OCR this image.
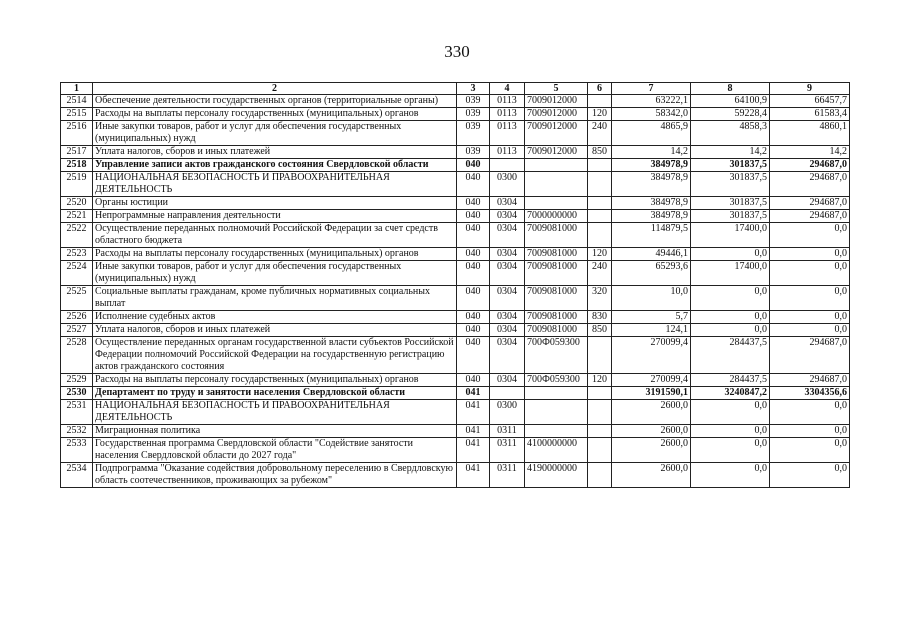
330
1	2	3	4	5	6	7	8	9
2514	Обеспечение деятельности государственных органов (территориальные органы)	039	0113	7009012000		63222,1	64100,9	66457,7
2515	Расходы на выплаты персоналу государственных (муниципальных) органов	039	0113	7009012000	120	58342,0	59228,4	61583,4
2516	Иные закупки товаров, работ и услуг для обеспечения государственных (муниципальных) нужд	039	0113	7009012000	240	4865,9	4858,3	4860,1
2517	Уплата налогов, сборов и иных платежей	039	0113	7009012000	850	14,2	14,2	14,2
2518	Управление записи актов гражданского состояния Свердловской области	040				384978,9	301837,5	294687,0
2519	НАЦИОНАЛЬНАЯ БЕЗОПАСНОСТЬ И ПРАВООХРАНИТЕЛЬНАЯ ДЕЯТЕЛЬНОСТЬ	040	0300			384978,9	301837,5	294687,0
2520	Органы юстиции	040	0304			384978,9	301837,5	294687,0
2521	Непрограммные направления деятельности	040	0304	7000000000		384978,9	301837,5	294687,0
2522	Осуществление переданных полномочий Российской Федерации за счет средств областного бюджета	040	0304	7009081000		114879,5	17400,0	0,0
2523	Расходы на выплаты персоналу государственных (муниципальных) органов	040	0304	7009081000	120	49446,1	0,0	0,0
2524	Иные закупки товаров, работ и услуг для обеспечения государственных (муниципальных) нужд	040	0304	7009081000	240	65293,6	17400,0	0,0
2525	Социальные выплаты гражданам, кроме публичных нормативных социальных выплат	040	0304	7009081000	320	10,0	0,0	0,0
2526	Исполнение судебных актов	040	0304	7009081000	830	5,7	0,0	0,0
2527	Уплата налогов, сборов и иных платежей	040	0304	7009081000	850	124,1	0,0	0,0
2528	Осуществление переданных органам государственной власти субъектов Российской Федерации полномочий Российской Федерации на государственную регистрацию актов гражданского состояния	040	0304	700Ф059300		270099,4	284437,5	294687,0
2529	Расходы на выплаты персоналу государственных (муниципальных) органов	040	0304	700Ф059300	120	270099,4	284437,5	294687,0
2530	Департамент по труду и занятости населения Свердловской области	041				3191590,1	3240847,2	3304356,6
2531	НАЦИОНАЛЬНАЯ БЕЗОПАСНОСТЬ И ПРАВООХРАНИТЕЛЬНАЯ ДЕЯТЕЛЬНОСТЬ	041	0300			2600,0	0,0	0,0
2532	Миграционная политика	041	0311			2600,0	0,0	0,0
2533	Государственная программа Свердловской области "Содействие занятости населения Свердловской области до 2027 года"	041	0311	4100000000		2600,0	0,0	0,0
2534	Подпрограмма "Оказание содействия добровольному переселению в Свердловскую область соотечественников, проживающих за рубежом"	041	0311	4190000000		2600,0	0,0	0,0
